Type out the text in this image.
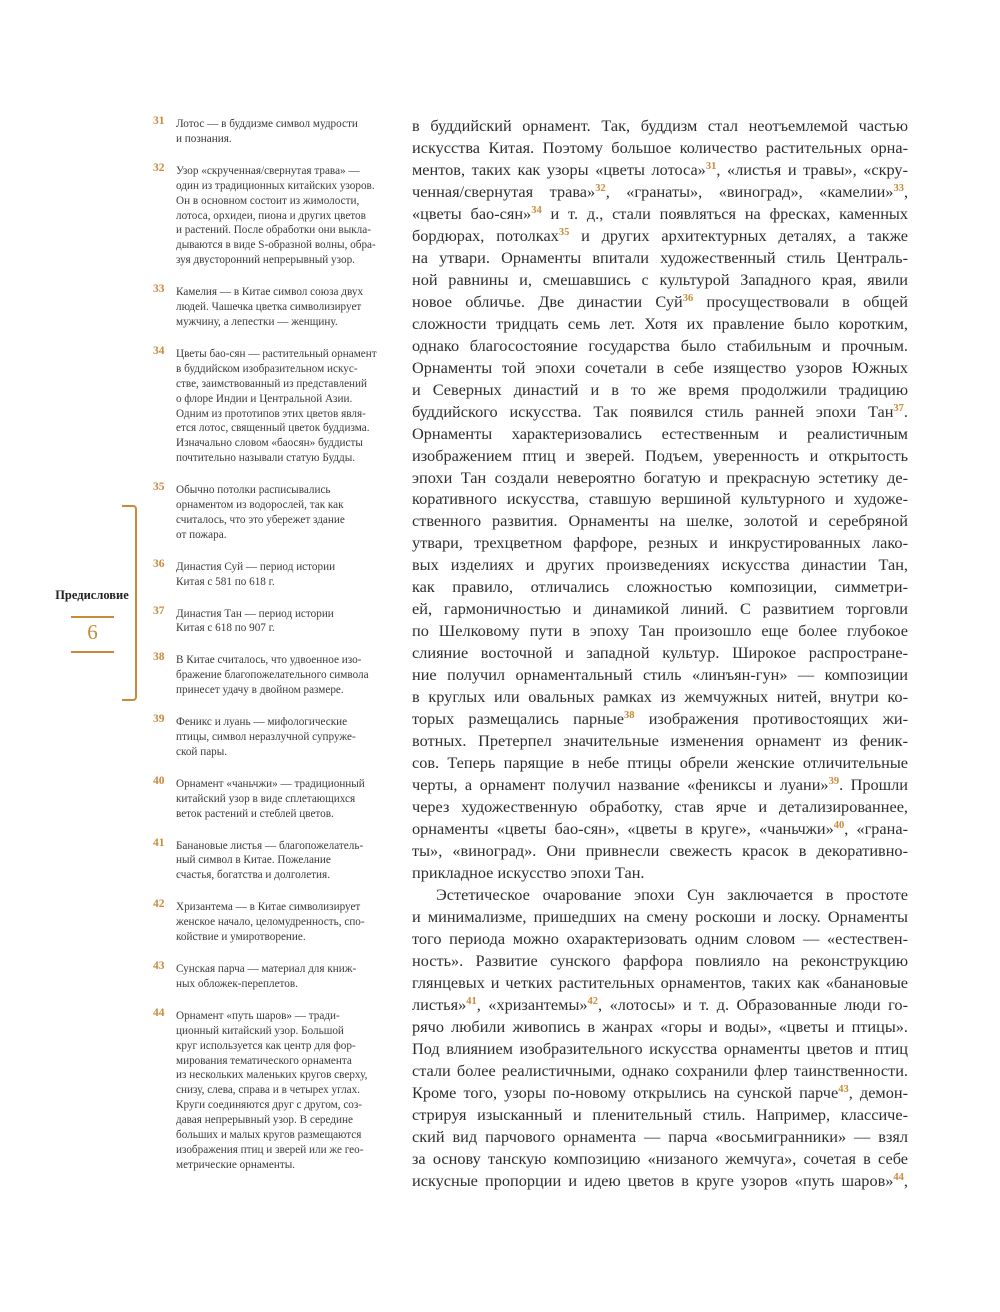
31 Лотос — в буддизме символ мудрости
и познания.
32 Узор «скрученная/свернутая трава» —
один из традиционных китайских узоров.
Он в основном состоит из жимолости,
лотоса, орхидеи, пиона и других цветов
и растений. После обработки они выкла-
дываются в виде S-образной волны, обра-
зуя двусторонний непрерывный узор.
33 Камелия — в Китае символ союза двух
людей. Чашечка цветка символизирует
мужчину, а лепестки — женщину.
34 Цветы бао-сян — растительный орнамент
в буддийском изобразительном искус-
стве, заимствованный из представлений
о флоре Индии и Центральной Азии.
Одним из прототипов этих цветов явля-
ется лотос, священный цветок буддизма.
Изначально словом «баосян» буддисты
почтительно называли статую Будды.
35 Обычно потолки расписывались
орнаментом из водорослей, так как
считалось, что это убережет здание
от пожара.
36 Династия Суй — период истории
Китая с 581 по 618 г.
37 Династия Тан — период истории
Китая с 618 по 907 г.
38 В Китае считалось, что удвоенное изо-
бражение благопожелательного символа
принесет удачу в двойном размере.
39 Феникс и луань — мифологические
птицы, символ неразлучной супруже-
ской пары.
40 Орнамент «чаньчжи» — традиционный
китайский узор в виде сплетающихся
веток растений и стеблей цветов.
41 Банановые листья — благопожелатель-
ный символ в Китае. Пожелание
счастья, богатства и долголетия.
42 Хризантема — в Китае символизирует
женское начало, целомудренность, спо-
койствие и умиротворение.
43 Сунская парча — материал для книж-
ных обложек-переплетов.
44 Орнамент «путь шаров» — тради-
ционный китайский узор. Большой
круг используется как центр для фор-
мирования тематического орнамента
из нескольких маленьких кругов сверху,
снизу, слева, справа и в четырех углах.
Круги соединяются друг с другом, соз-
давая непрерывный узор. В середине
больших и малых кругов размещаются
изображения птиц и зверей или же гео-
метрические орнаменты.
Предисловие
6
в буддийский орнамент. Так, буддизм стал неотъемлемой частью
искусства Китая. Поэтому большое количество растительных орна-
ментов, таких как узоры «цветы лотоса»$^{31}$, «листья и травы», «скру-
ченная/свернутая трава»$^{32}$, «гранаты», «виноград», «камелии»$^{33}$,
«цветы бао-сян»$^{34}$ и т. д., стали появляться на фресках, каменных
бордюрах, потолках$^{35}$ и других архитектурных деталях, а также
на утвари. Орнаменты впитали художественный стиль Централь-
ной равнины и, смешавшись с культурой Западного края, явили
новое обличье. Две династии Суй$^{36}$ просуществовали в общей
сложности тридцать семь лет. Хотя их правление было коротким,
однако благосостояние государства было стабильным и прочным.
Орнаменты той эпохи сочетали в себе изящество узоров Южных
и Северных династий и в то же время продолжили традицию
буддийского искусства. Так появился стиль ранней эпохи Тан$^{37}$.
Орнаменты характеризовались естественным и реалистичным
изображением птиц и зверей. Подъем, уверенность и открытость
эпохи Тан создали невероятно богатую и прекрасную эстетику де-
коративного искусства, ставшую вершиной культурного и художе-
ственного развития. Орнаменты на шелке, золотой и серебряной
утвари, трехцветном фарфоре, резных и инкрустированных лако-
вых изделиях и других произведениях искусства династии Тан,
как правило, отличались сложностью композиции, симметри-
ей, гармоничностью и динамикой линий. С развитием торговли
по Шелковому пути в эпоху Тан произошло еще более глубокое
слияние восточной и западной культур. Широкое распростране-
ние получил орнаментальный стиль «линъян-гун» — композиции
в круглых или овальных рамках из жемчужных нитей, внутри ко-
торых размещались парные$^{38}$ изображения противостоящих жи-
вотных. Претерпел значительные изменения орнамент из феник-
сов. Теперь парящие в небе птицы обрели женские отличительные
черты, а орнамент получил название «фениксы и луани»$^{39}$. Прошли
через художественную обработку, став ярче и детализированнее,
орнаменты «цветы бао-сян», «цветы в круге», «чаньчжи»$^{40}$, «грана-
ты», «виноград». Они привнесли свежесть красок в декоративно-
прикладное искусство эпохи Тан.
Эстетическое очарование эпохи Сун заключается в простоте
и минимализме, пришедших на смену роскоши и лоску. Орнаменты
того периода можно охарактеризовать одним словом — «естествен-
ность». Развитие сунского фарфора повлияло на реконструкцию
глянцевых и четких растительных орнаментов, таких как «банановые
листья»$^{41}$, «хризантемы»$^{42}$, «лотосы» и т. д. Образованные люди го-
рячо любили живопись в жанрах «горы и воды», «цветы и птицы».
Под влиянием изобразительного искусства орнаменты цветов и птиц
стали более реалистичными, однако сохранили флер таинственности.
Кроме того, узоры по-новому открылись на сунской парче$^{43}$, демон-
стрируя изысканный и пленительный стиль. Например, классиче-
ский вид парчового орнамента — парча «восьмигранники» — взял
за основу танскую композицию «низаного жемчуга», сочетая в себе
искусные пропорции и идею цветов в круге узоров «путь шаров»$^{44}$,
